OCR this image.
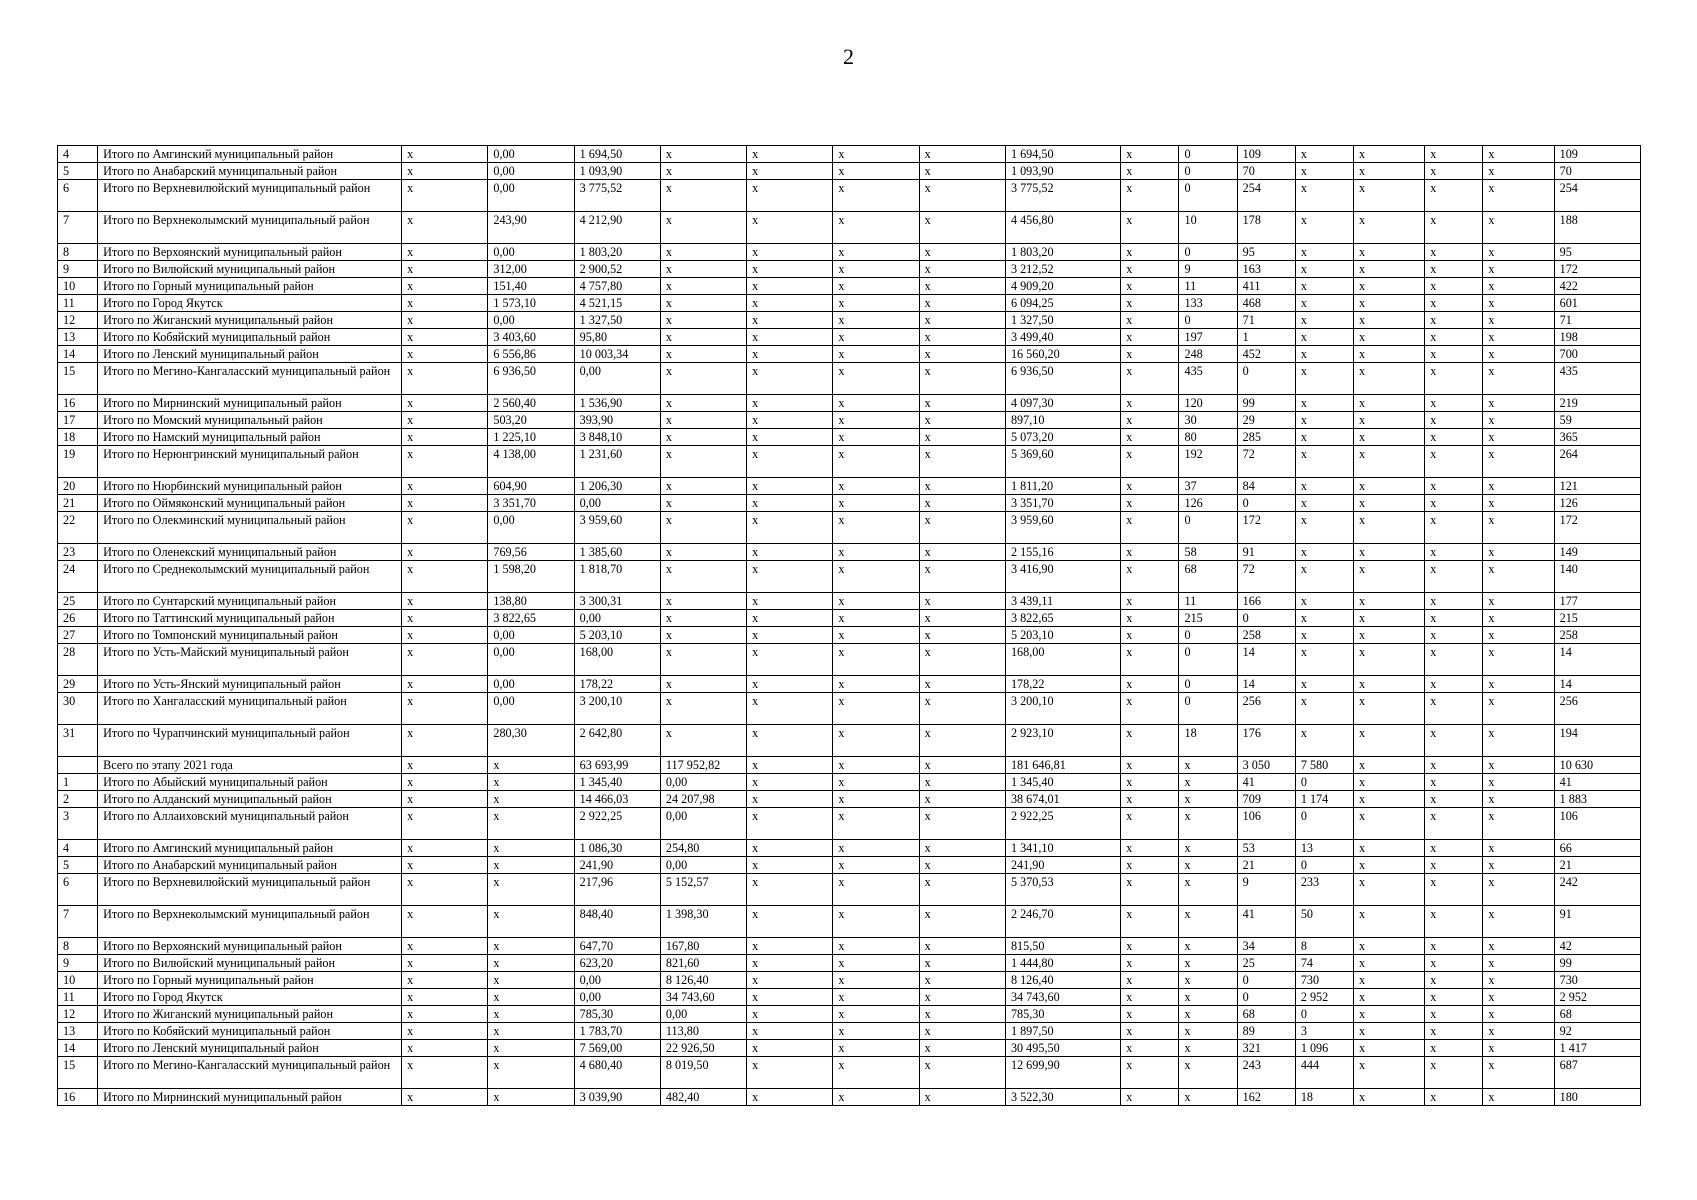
2
4	Итого по Амгинский муниципальный район	x	0,00	1 694,50	x	x	x	x	1 694,50	x	0	109	x	x	x	x	109
5	Итого по Анабарский муниципальный район	x	0,00	1 093,90	x	x	x	x	1 093,90	x	0	70	x	x	x	x	70
6	Итого по Верхневилюйский муниципальный район	x	0,00	3 775,52	x	x	x	x	3 775,52	x	0	254	x	x	x	x	254
7	Итого по Верхнеколымский муниципальный район	x	243,90	4 212,90	x	x	x	x	4 456,80	x	10	178	x	x	x	x	188
8	Итого по Верхоянский муниципальный район	x	0,00	1 803,20	x	x	x	x	1 803,20	x	0	95	x	x	x	x	95
9	Итого по Вилюйский муниципальный район	x	312,00	2 900,52	x	x	x	x	3 212,52	x	9	163	x	x	x	x	172
10	Итого по Горный муниципальный район	x	151,40	4 757,80	x	x	x	x	4 909,20	x	11	411	x	x	x	x	422
11	Итого по Город Якутск	x	1 573,10	4 521,15	x	x	x	x	6 094,25	x	133	468	x	x	x	x	601
12	Итого по Жиганский муниципальный район	x	0,00	1 327,50	x	x	x	x	1 327,50	x	0	71	x	x	x	x	71
13	Итого по Кобяйский муниципальный район	x	3 403,60	95,80	x	x	x	x	3 499,40	x	197	1	x	x	x	x	198
14	Итого по Ленский муниципальный район	x	6 556,86	10 003,34	x	x	x	x	16 560,20	x	248	452	x	x	x	x	700
15	Итого по Мегино-Кангаласский муниципальный район	x	6 936,50	0,00	x	x	x	x	6 936,50	x	435	0	x	x	x	x	435
16	Итого по Мирнинский муниципальный район	x	2 560,40	1 536,90	x	x	x	x	4 097,30	x	120	99	x	x	x	x	219
17	Итого по Момский муниципальный район	x	503,20	393,90	x	x	x	x	897,10	x	30	29	x	x	x	x	59
18	Итого по Намский муниципальный район	x	1 225,10	3 848,10	x	x	x	x	5 073,20	x	80	285	x	x	x	x	365
19	Итого по Нерюнгринский муниципальный район	x	4 138,00	1 231,60	x	x	x	x	5 369,60	x	192	72	x	x	x	x	264
20	Итого по Нюрбинский муниципальный район	x	604,90	1 206,30	x	x	x	x	1 811,20	x	37	84	x	x	x	x	121
21	Итого по Оймяконский муниципальный район	x	3 351,70	0,00	x	x	x	x	3 351,70	x	126	0	x	x	x	x	126
22	Итого по Олекминский муниципальный район	x	0,00	3 959,60	x	x	x	x	3 959,60	x	0	172	x	x	x	x	172
23	Итого по Оленекский муниципальный район	x	769,56	1 385,60	x	x	x	x	2 155,16	x	58	91	x	x	x	x	149
24	Итого по Среднеколымский муниципальный район	x	1 598,20	1 818,70	x	x	x	x	3 416,90	x	68	72	x	x	x	x	140
25	Итого по Сунтарский муниципальный район	x	138,80	3 300,31	x	x	x	x	3 439,11	x	11	166	x	x	x	x	177
26	Итого по Таттинский муниципальный район	x	3 822,65	0,00	x	x	x	x	3 822,65	x	215	0	x	x	x	x	215
27	Итого по Томпонский муниципальный район	x	0,00	5 203,10	x	x	x	x	5 203,10	x	0	258	x	x	x	x	258
28	Итого по Усть-Майский муниципальный район	x	0,00	168,00	x	x	x	x	168,00	x	0	14	x	x	x	x	14
29	Итого по Усть-Янский муниципальный район	x	0,00	178,22	x	x	x	x	178,22	x	0	14	x	x	x	x	14
30	Итого по Хангаласский муниципальный район	x	0,00	3 200,10	x	x	x	x	3 200,10	x	0	256	x	x	x	x	256
31	Итого по Чурапчинский муниципальный район	x	280,30	2 642,80	x	x	x	x	2 923,10	x	18	176	x	x	x	x	194
	Всего по этапу 2021 года	x	x	63 693,99	117 952,82	x	x	x	181 646,81	x	x	3 050	7 580	x	x	x	10 630
1	Итого по Абыйский муниципальный район	x	x	1 345,40	0,00	x	x	x	1 345,40	x	x	41	0	x	x	x	41
2	Итого по Алданский муниципальный район	x	x	14 466,03	24 207,98	x	x	x	38 674,01	x	x	709	1 174	x	x	x	1 883
3	Итого по Аллаиховский муниципальный район	x	x	2 922,25	0,00	x	x	x	2 922,25	x	x	106	0	x	x	x	106
4	Итого по Амгинский муниципальный район	x	x	1 086,30	254,80	x	x	x	1 341,10	x	x	53	13	x	x	x	66
5	Итого по Анабарский муниципальный район	x	x	241,90	0,00	x	x	x	241,90	x	x	21	0	x	x	x	21
6	Итого по Верхневилюйский муниципальный район	x	x	217,96	5 152,57	x	x	x	5 370,53	x	x	9	233	x	x	x	242
7	Итого по Верхнеколымский муниципальный район	x	x	848,40	1 398,30	x	x	x	2 246,70	x	x	41	50	x	x	x	91
8	Итого по Верхоянский муниципальный район	x	x	647,70	167,80	x	x	x	815,50	x	x	34	8	x	x	x	42
9	Итого по Вилюйский муниципальный район	x	x	623,20	821,60	x	x	x	1 444,80	x	x	25	74	x	x	x	99
10	Итого по Горный муниципальный район	x	x	0,00	8 126,40	x	x	x	8 126,40	x	x	0	730	x	x	x	730
11	Итого по Город Якутск	x	x	0,00	34 743,60	x	x	x	34 743,60	x	x	0	2 952	x	x	x	2 952
12	Итого по Жиганский муниципальный район	x	x	785,30	0,00	x	x	x	785,30	x	x	68	0	x	x	x	68
13	Итого по Кобяйский муниципальный район	x	x	1 783,70	113,80	x	x	x	1 897,50	x	x	89	3	x	x	x	92
14	Итого по Ленский муниципальный район	x	x	7 569,00	22 926,50	x	x	x	30 495,50	x	x	321	1 096	x	x	x	1 417
15	Итого по Мегино-Кангаласский муниципальный район	x	x	4 680,40	8 019,50	x	x	x	12 699,90	x	x	243	444	x	x	x	687
16	Итого по Мирнинский муниципальный район	x	x	3 039,90	482,40	x	x	x	3 522,30	x	x	162	18	x	x	x	180
